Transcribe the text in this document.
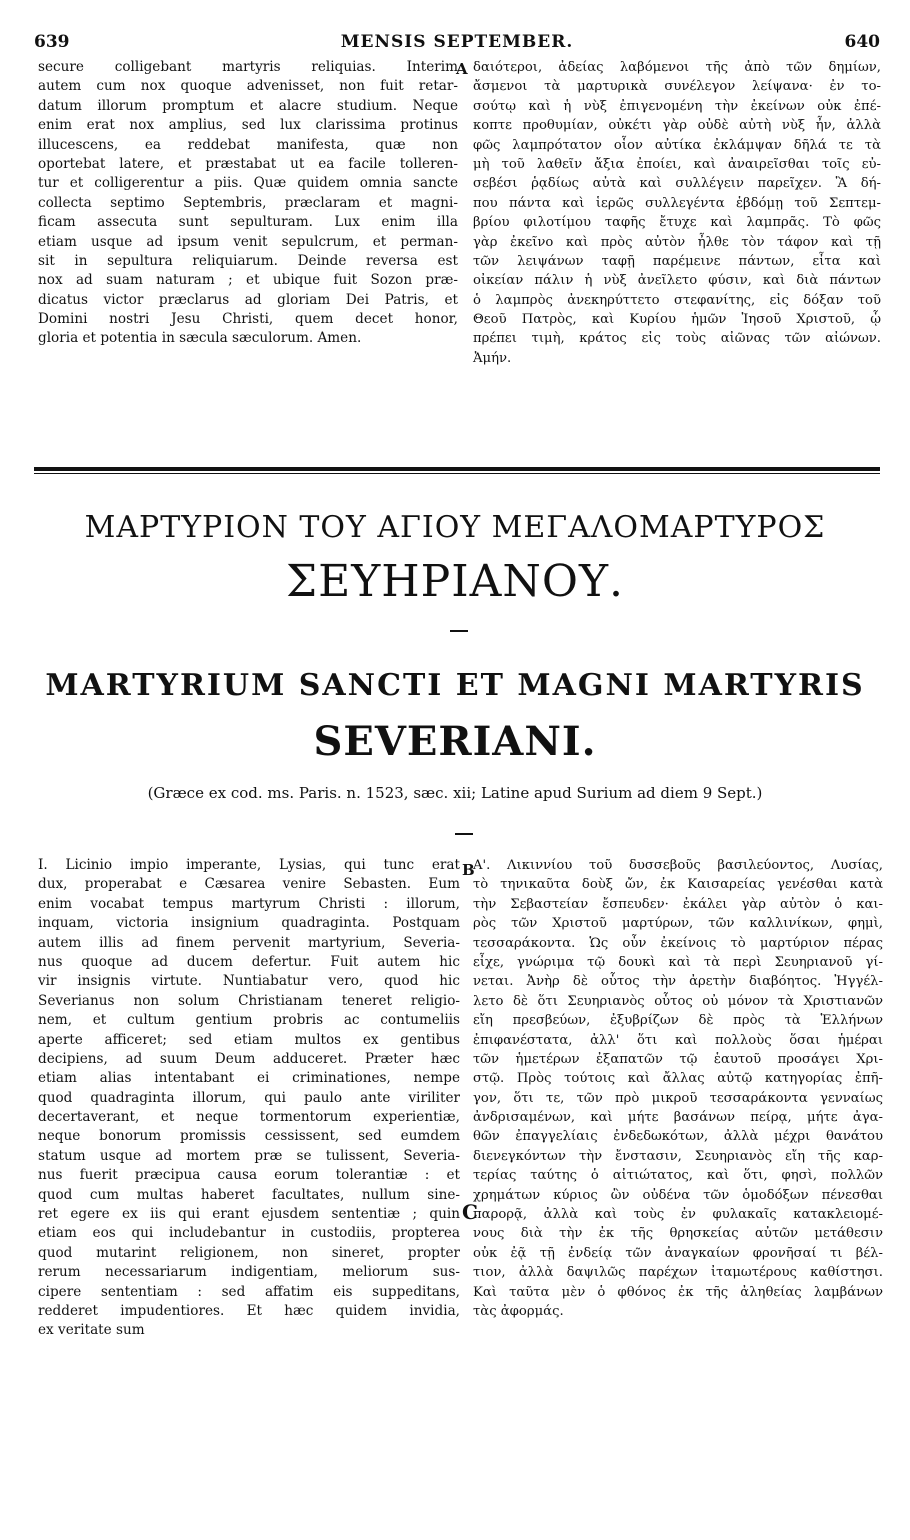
639	MENSIS SEPTEMBER.	640
secure colligebant martyris reliquias. Interim
autem cum nox quoque advenisset, non fuit retar-
datum illorum promptum et alacre studium. Neque
enim erat nox amplius, sed lux clarissima protinus
illucescens, ea reddebat manifesta, quæ non
oportebat latere, et præstabat ut ea facile tolleren-
tur et colligerentur a piis. Quæ quidem omnia sancte
collecta septimo Septembris, præclaram et magni-
ficam assecuta sunt sepulturam. Lux enim illa
etiam usque ad ipsum venit sepulcrum, et perman-
sit in sepultura reliquiarum. Deinde reversa est
nox ad suam naturam ; et ubique fuit Sozon præ-
dicatus victor præclarus ad gloriam Dei Patris, et
Domini nostri Jesu Christi, quem decet honor,
gloria et potentia in sæcula sæculorum. Amen.
δαιότεροι, ἀδείας λαβόμενοι τῆς ἀπὸ τῶν δημίων,
ἄσμενοι τὰ μαρτυρικὰ συνέλεγον λείψανα· ἐν το-
σούτῳ καὶ ἡ νὺξ ἐπιγενομένη τὴν ἐκείνων οὐκ ἐπέ-
κοπτε προθυμίαν, οὐκέτι γὰρ οὐδὲ αὐτὴ νὺξ ἦν, ἀλλὰ
φῶς λαμπρότατον οἷον αὐτίκα ἐκλάμψαν δῆλά τε τὰ
μὴ τοῦ λαθεῖν ἄξια ἐποίει, καὶ ἀναιρεῖσθαι τοῖς εὐ-
σεβέσι ῥᾳδίως αὐτὰ καὶ συλλέγειν παρεῖχεν. Ἃ δή-
που πάντα καὶ ἱερῶς συλλεγέντα ἑβδόμῃ τοῦ Σεπτεμ-
βρίου φιλοτίμου ταφῆς ἔτυχε καὶ λαμπρᾶς. Τὸ φῶς
γὰρ ἐκεῖνο καὶ πρὸς αὐτὸν ἦλθε τὸν τάφον καὶ τῇ
τῶν λειψάνων ταφῇ παρέμεινε πάντων, εἶτα καὶ
οἰκείαν πάλιν ἡ νὺξ ἀνεῖλετο φύσιν, καὶ διὰ πάντων
ὁ λαμπρὸς ἀνεκηρύττετο στεφανίτης, εἰς δόξαν τοῦ
Θεοῦ Πατρὸς, καὶ Κυρίου ἡμῶν Ἰησοῦ Χριστοῦ, ᾧ
πρέπει τιμὴ, κράτος εἰς τοὺς αἰῶνας τῶν αἰώνων.
Ἀμήν.
A
ΜΑΡΤΥΡΙΟΝ ΤΟΥ ΑΓΙΟΥ ΜΕΓΑΛΟΜΑΡΤΥΡΟΣ
ΣΕΥΗΡΙΑΝΟΥ.
MARTYRIUM SANCTI ET MAGNI MARTYRIS
SEVERIANI.
(Græce ex cod. ms. Paris. n. 1523, sæc. xii; Latine apud Surium ad diem 9 Sept.)
I. Licinio impio imperante, Lysias, qui tunc erat
dux, properabat e Cæsarea venire Sebasten. Eum
enim vocabat tempus martyrum Christi : illorum,
inquam, victoria insignium quadraginta. Postquam
autem illis ad finem pervenit martyrium, Severia-
nus quoque ad ducem defertur. Fuit autem hic
vir insignis virtute. Nuntiabatur vero, quod hic
Severianus non solum Christianam teneret religio-
nem, et cultum gentium probris ac contumeliis
aperte afficeret; sed etiam multos ex gentibus
decipiens, ad suum Deum adduceret. Præter hæc
etiam alias intentabant ei criminationes, nempe
quod quadraginta illorum, qui paulo ante viriliter
decertaverant, et neque tormentorum experientiæ,
neque bonorum promissis cessissent, sed eumdem
statum usque ad mortem præ se tulissent, Severia-
nus fuerit præcipua causa eorum tolerantiæ : et
quod cum multas haberet facultates, nullum sine-
ret egere ex iis qui erant ejusdem sententiæ ; quin
etiam eos qui includebantur in custodiis, propterea
quod mutarint religionem, non sineret, propter
rerum necessariarum indigentiam, meliorum sus-
cipere sententiam : sed affatim eis suppeditans,
redderet impudentiores. Et hæc quidem invidia,
ex veritate sum
Α'. Λικιννίου τοῦ δυσσεβοῦς βασιλεύοντος, Λυσίας,
τὸ τηνικαῦτα δοὺξ ὤν, ἐκ Καισαρείας γενέσθαι κατὰ
τὴν Σεβαστείαν ἔσπευδεν· ἐκάλει γὰρ αὐτὸν ὁ και-
ρὸς τῶν Χριστοῦ μαρτύρων, τῶν καλλινίκων, φημὶ,
τεσσαράκοντα. Ὡς οὖν ἐκείνοις τὸ μαρτύριον πέρας
εἶχε, γνώριμα τῷ δουκὶ καὶ τὰ περὶ Σευηριανοῦ γί-
νεται. Ἀνὴρ δὲ οὗτος τὴν ἀρετὴν διαβόητος. Ἠγγέλ-
λετο δὲ ὅτι Σευηριανὸς οὗτος οὐ μόνον τὰ Χριστιανῶν
εἴη πρεσβεύων, ἐξυβρίζων δὲ πρὸς τὰ Ἑλλήνων
ἐπιφανέστατα, ἀλλ' ὅτι καὶ πολλοὺς ὅσαι ἡμέραι
τῶν ἡμετέρων ἐξαπατῶν τῷ ἑαυτοῦ προσάγει Χρι-
στῷ. Πρὸς τούτοις καὶ ἄλλας αὐτῷ κατηγορίας ἐπῆ-
γον, ὅτι τε, τῶν πρὸ μικροῦ τεσσαράκοντα γενναίως
ἀνδρισαμένων, καὶ μήτε βασάνων πείρᾳ, μήτε ἀγα-
θῶν ἐπαγγελίαις ἐνδεδωκότων, ἀλλὰ μέχρι θανάτου
διενεγκόντων τὴν ἔνστασιν, Σευηριανὸς εἴη τῆς καρ-
τερίας ταύτης ὁ αἰτιώτατος, καὶ ὅτι, φησὶ, πολλῶν
χρημάτων κύριος ὢν οὐδένα τῶν ὁμοδόξων πένεσθαι
παρορᾷ, ἀλλὰ καὶ τοὺς ἐν φυλακαῖς κατακλειομέ-
νους διὰ τὴν ἐκ τῆς θρησκείας αὐτῶν μετάθεσιν
οὐκ ἐᾷ τῇ ἐνδείᾳ τῶν ἀναγκαίων φρονῆσαί τι βέλ-
τιον, ἀλλὰ δαψιλῶς παρέχων ἰταμωτέρους καθίστησι.
Καὶ ταῦτα μὲν ὁ φθόνος ἐκ τῆς ἀληθείας λαμβάνων
τὰς ἀφορμάς.
B
C
